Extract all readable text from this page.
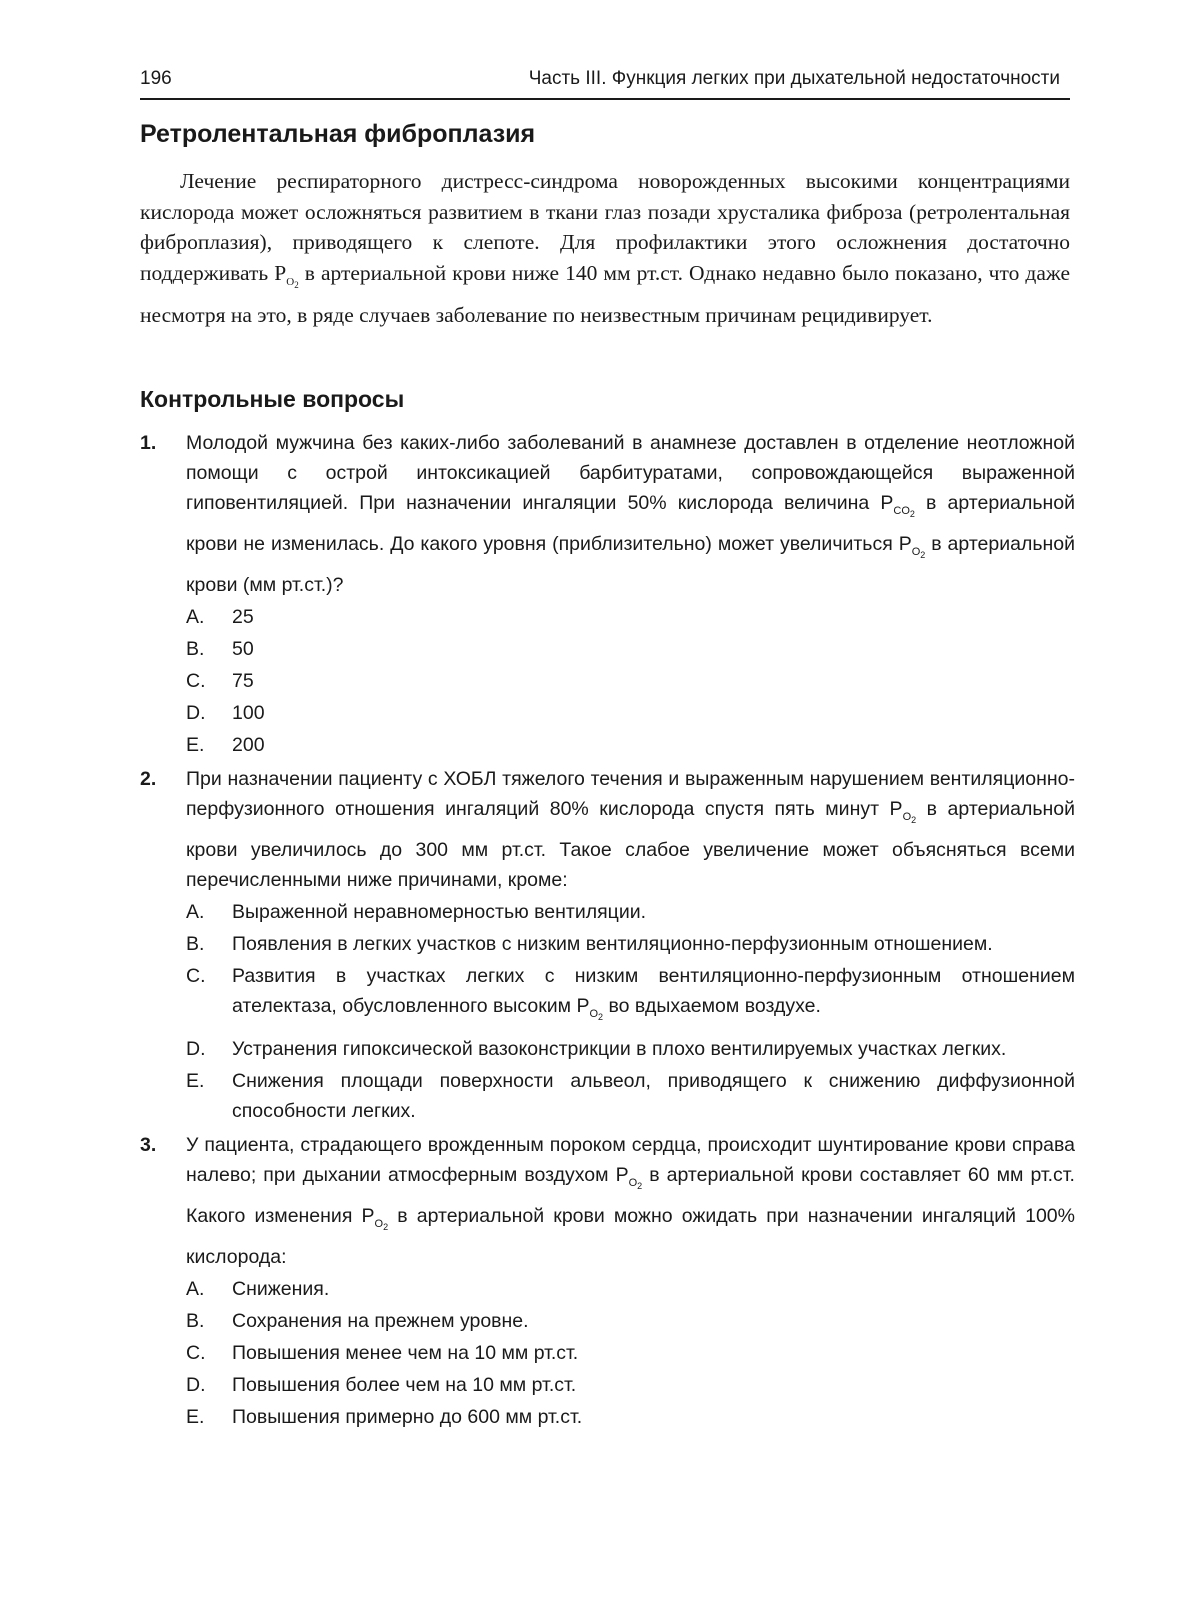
196	Часть III. Функция легких при дыхательной недостаточности
Ретролентальная фиброплазия

Лечение респираторного дистресс-синдрома новорожденных высокими концентрациями кислорода может осложняться развитием в ткани глаз позади хрусталика фиброза (ретролентальная фиброплазия), приводящего к слепоте. Для профилактики этого осложнения достаточно поддерживать $P_{O_2}$ в артериальной крови ниже 140 мм рт.ст. Однако недавно было показано, что даже несмотря на это, в ряде случаев заболевание по неизвестным причинам рецидивирует.

Контрольные вопросы
1.	Молодой мужчина без каких-либо заболеваний в анамнезе доставлен в отделение неотложной помощи с острой интоксикацией барбитуратами, сопровождающейся выраженной гиповентиляцией. При назначении ингаляции 50% кислорода величина $P_{CO_2}$ в артериальной крови не изменилась. До какого уровня (приблизительно) может увеличиться $P_{O_2}$ в артериальной крови (мм рт.ст.)?

A.	25
B.	50
C.	75
D.	100
E.	200
2.	При назначении пациенту с ХОБЛ тяжелого течения и выраженным нарушением вентиляционно-перфузионного отношения ингаляций 80% кислорода спустя пять минут $P_{O_2}$ в артериальной крови увеличилось до 300 мм рт.ст. Такое слабое увеличение может объясняться всеми перечисленными ниже причинами, кроме:

A.	Выраженной неравномерностью вентиляции.
B.	Появления в легких участков с низким вентиляционно-перфузионным отношением.
C.	Развития в участках легких с низким вентиляционно-перфузионным отношением ателектаза, обусловленного высоким $P_{O_2}$ во вдыхаемом воздухе.
D.	Устранения гипоксической вазоконстрикции в плохо вентилируемых участках легких.
E.	Снижения площади поверхности альвеол, приводящего к снижению диффузионной способности легких.
3.	У пациента, страдающего врожденным пороком сердца, происходит шунтирование крови справа налево; при дыхании атмосферным воздухом $P_{O_2}$ в артериальной крови составляет 60 мм рт.ст. Какого изменения $P_{O_2}$ в артериальной крови можно ожидать при назначении ингаляций 100% кислорода:

A.	Снижения.
B.	Сохранения на прежнем уровне.
C.	Повышения менее чем на 10 мм рт.ст.
D.	Повышения более чем на 10 мм рт.ст.
E.	Повышения примерно до 600 мм рт.ст.
